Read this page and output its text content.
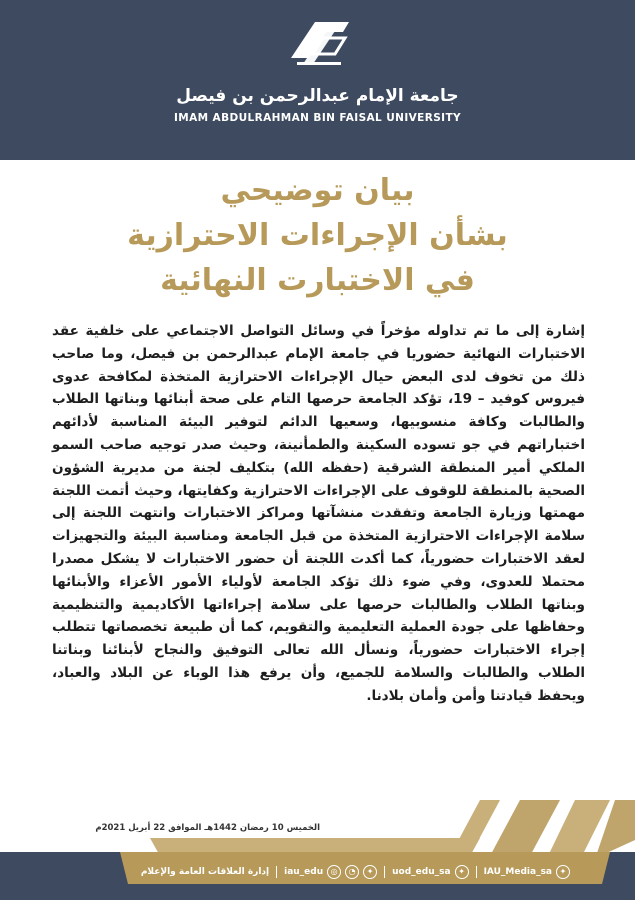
جامعة الإمام عبدالرحمن بن فيصل
IMAM ABDULRAHMAN BIN FAISAL UNIVERSITY
بيان توضيحي
بشأن الإجراءات الاحترازية
في الاختبارت النهائية
إشارة إلى ما تم تداوله مؤخراً في وسائل التواصل الاجتماعي على خلفية عقد الاختبارات النهائية حضوريا في جامعة الإمام عبدالرحمن بن فيصل، وما صاحب ذلك من تخوف لدى البعض حيال الإجراءات الاحترازية المتخذة لمكافحة عدوى فيروس كوفيد – 19، تؤكد الجامعة حرصها التام على صحة أبنائها وبناتها الطلاب والطالبات وكافة منسوبيها، وسعيها الدائم لتوفير البيئة المناسبة لأدائهم اختباراتهم في جو تسوده السكينة والطمأنينة، وحيث صدر توجيه صاحب السمو الملكي أمير المنطقة الشرقية (حفظه الله) بتكليف لجنة من مديرية الشؤون الصحية بالمنطقة للوقوف على الإجراءات الاحترازية وكفايتها، وحيث أتمت اللجنة مهمتها وزيارة الجامعة وتفقدت منشآتها ومراكز الاختبارات وانتهت اللجنة إلى سلامة الإجراءات الاحترازية المتخذة من قبل الجامعة ومناسبة البيئة والتجهيزات لعقد الاختبارات حضورياً، كما أكدت اللجنة أن حضور الاختبارات لا يشكل مصدرا محتملا للعدوى، وفي ضوء ذلك تؤكد الجامعة لأولياء الأمور الأعزاء والأبنائها وبناتها الطلاب والطالبات حرصها على سلامة إجراءاتها الأكاديمية والتنظيمية وحفاظها على جودة العملية التعليمية والتقويم، كما أن طبيعة تخصصاتها تتطلب إجراء الاختبارات حضورياً، ونسأل الله تعالى التوفيق والنجاح لأبنائنا وبناتنا الطلاب والطالبات والسلامة للجميع، وأن يرفع هذا الوباء عن البلاد والعباد، ويحفظ قيادتنا وأمن وأمان بلادنا.
الخميس 10 رمضان 1442هـ الموافق 22 أبريل 2021م
✦
IAU_Media_sa
✦
uod_edu_sa
✦
◔
◎
iau_edu
إدارة العلاقات العامة والإعلام
